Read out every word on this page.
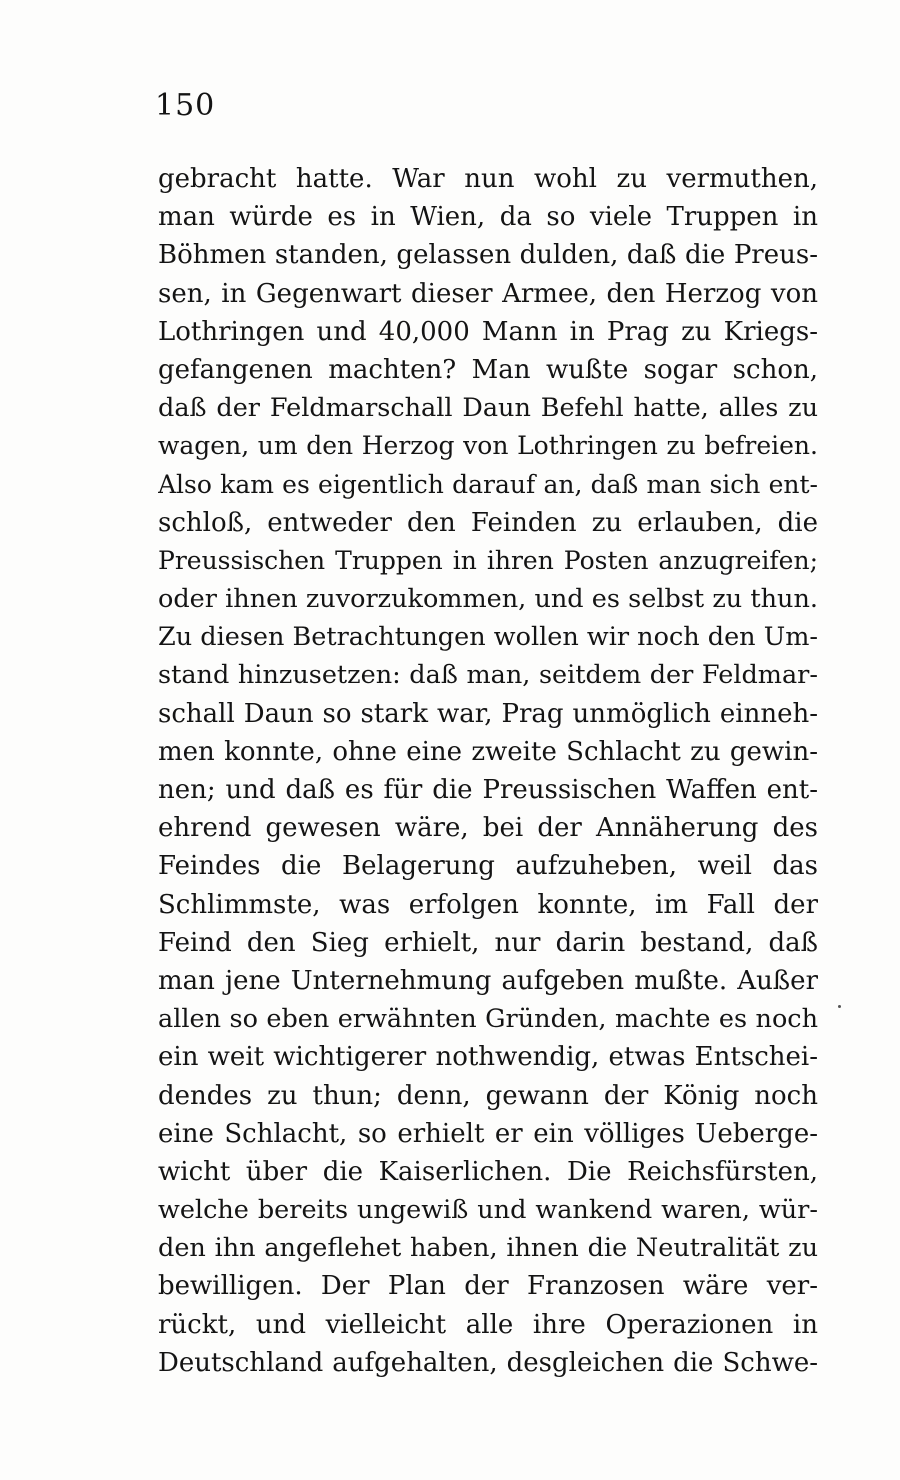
150
gebracht hatte. War nun wohl zu vermuthen,
man würde es in Wien, da so viele Truppen in
Böhmen standen, gelassen dulden, daß die Preus-
sen, in Gegenwart dieser Armee, den Herzog von
Lothringen und 40,000 Mann in Prag zu Kriegs-
gefangenen machten? Man wußte sogar schon,
daß der Feldmarschall Daun Befehl hatte, alles zu
wagen, um den Herzog von Lothringen zu befreien.
Also kam es eigentlich darauf an, daß man sich ent-
schloß, entweder den Feinden zu erlauben, die
Preussischen Truppen in ihren Posten anzugreifen;
oder ihnen zuvorzukommen, und es selbst zu thun.
Zu diesen Betrachtungen wollen wir noch den Um-
stand hinzusetzen: daß man, seitdem der Feldmar-
schall Daun so stark war, Prag unmöglich einneh-
men konnte, ohne eine zweite Schlacht zu gewin-
nen; und daß es für die Preussischen Waffen ent-
ehrend gewesen wäre, bei der Annäherung des
Feindes die Belagerung aufzuheben, weil das
Schlimmste, was erfolgen konnte, im Fall der
Feind den Sieg erhielt, nur darin bestand, daß
man jene Unternehmung aufgeben mußte. Außer
allen so eben erwähnten Gründen, machte es noch
ein weit wichtigerer nothwendig, etwas Entschei-
dendes zu thun; denn, gewann der König noch
eine Schlacht, so erhielt er ein völliges Ueberge-
wicht über die Kaiserlichen. Die Reichsfürsten,
welche bereits ungewiß und wankend waren, wür-
den ihn angeflehet haben, ihnen die Neutralität zu
bewilligen. Der Plan der Franzosen wäre ver-
rückt, und vielleicht alle ihre Operazionen in
Deutschland aufgehalten, desgleichen die Schwe-
